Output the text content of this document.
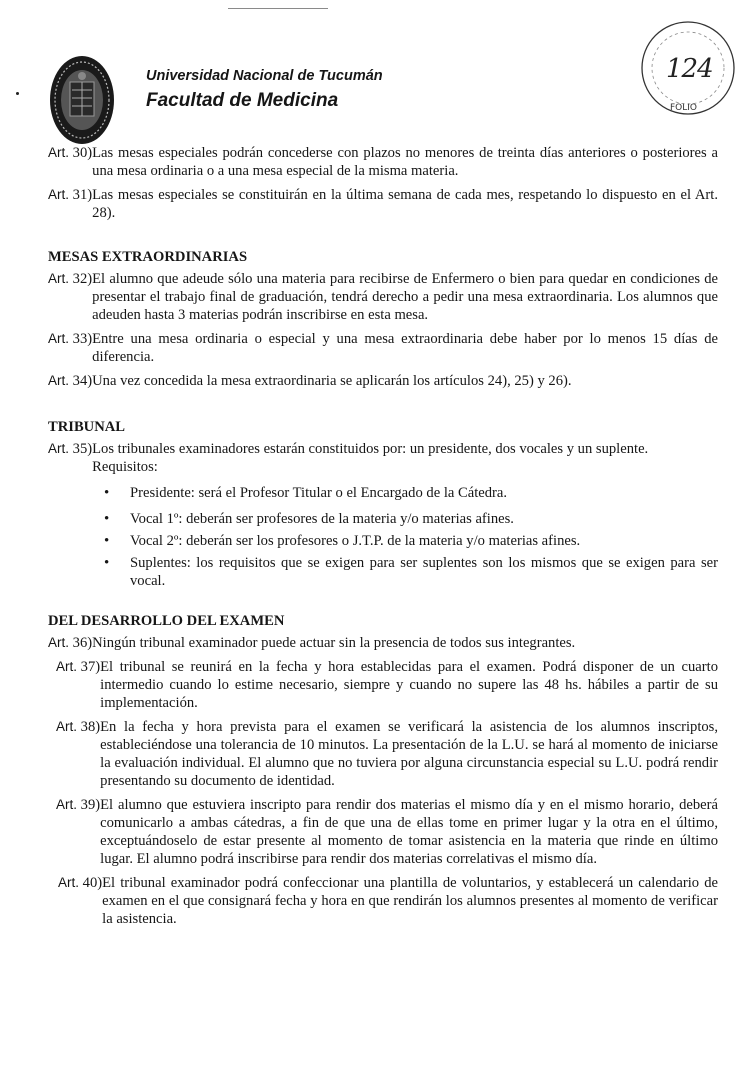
Universidad Nacional de Tucumán
Facultad de Medicina	FOLIO
124
Art. 30) Las mesas especiales podrán concederse con plazos no menores de treinta días anteriores o posteriores a una mesa ordinaria o a una mesa especial de la misma materia.
Art. 31) Las mesas especiales se constituirán en la última semana de cada mes, respetando lo dispuesto en el Art. 28).
MESAS EXTRAORDINARIAS
Art. 32) El alumno que adeude sólo una materia para recibirse de Enfermero o bien para quedar en condiciones de presentar el trabajo final de graduación, tendrá derecho a pedir una mesa extraordinaria. Los alumnos que adeuden hasta 3 materias podrán inscribirse en esta mesa.
Art. 33) Entre una mesa ordinaria o especial y una mesa extraordinaria debe haber por lo menos 15 días de diferencia.
Art. 34) Una vez concedida la mesa extraordinaria se aplicarán los artículos 24), 25) y 26).
TRIBUNAL
Art. 35) Los tribunales examinadores estarán constituidos por: un presidente, dos vocales y un suplente.
Requisitos:
• Presidente: será el Profesor Titular o el Encargado de la Cátedra.
• Vocal 1º: deberán ser profesores de la materia y/o materias afines.
• Vocal 2º: deberán ser los profesores o J.T.P. de la materia y/o materias afines.
• Suplentes: los requisitos que se exigen para ser suplentes son los mismos que se exigen para ser vocal.
DEL DESARROLLO DEL EXAMEN
Art. 36) Ningún tribunal examinador puede actuar sin la presencia de todos sus integrantes.
Art. 37) El tribunal se reunirá en la fecha y hora establecidas para el examen. Podrá disponer de un cuarto intermedio cuando lo estime necesario, siempre y cuando no supere las 48 hs. hábiles a partir de su implementación.
Art. 38) En la fecha y hora prevista para el examen se verificará la asistencia de los alumnos inscriptos, estableciéndose una tolerancia de 10 minutos. La presentación de la L.U. se hará al momento de iniciarse la evaluación individual. El alumno que no tuviera por alguna circunstancia especial su L.U. podrá rendir presentando su documento de identidad.
Art. 39) El alumno que estuviera inscripto para rendir dos materias el mismo día y en el mismo horario, deberá comunicarlo a ambas cátedras, a fin de que una de ellas tome en primer lugar y la otra en el último, exceptuándoselo de estar presente al momento de tomar asistencia en la materia que rinde en último lugar. El alumno podrá inscribirse para rendir dos materias correlativas el mismo día.
Art. 40) El tribunal examinador podrá confeccionar una plantilla de voluntarios, y establecerá un calendario de examen en el que consignará fecha y hora en que rendirán los alumnos presentes al momento de verificar la asistencia.
